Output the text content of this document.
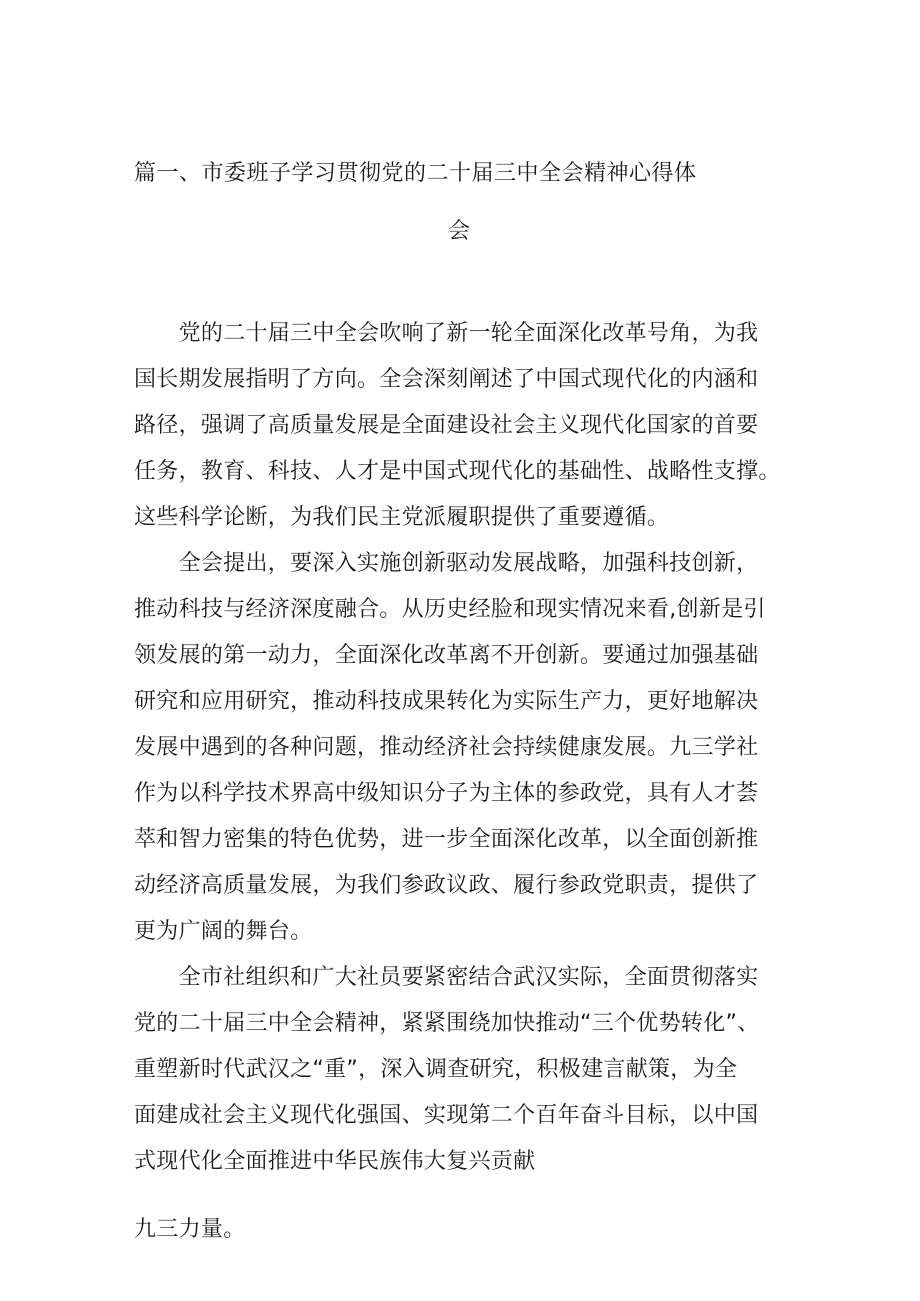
篇一、市委班子学习贯彻党的二十届三中全会精神心得体
会
　　党的二十届三中全会吹响了新一轮全面深化改革号角，为我
国长期发展指明了方向。全会深刻阐述了中国式现代化的内涵和
路径，强调了高质量发展是全面建设社会主义现代化国家的首要
任务，教育、科技、人才是中国式现代化的基础性、战略性支撑。
这些科学论断，为我们民主党派履职提供了重要遵循。
　　全会提出，要深入实施创新驱动发展战略，加强科技创新，
推动科技与经济深度融合。从历史经脸和现实情况来看,创新是引
领发展的第一动力，全面深化改革离不开创新。要通过加强基础
研究和应用研究，推动科技成果转化为实际生产力，更好地解决
发展中遇到的各种问题，推动经济社会持续健康发展。九三学社
作为以科学技术界高中级知识分子为主体的参政党，具有人才荟
萃和智力密集的特色优势，进一步全面深化改革，以全面创新推
动经济高质量发展，为我们参政议政、履行参政党职责，提供了
更为广阔的舞台。
　　全市社组织和广大社员要紧密结合武汉实际，全面贯彻落实
党的二十届三中全会精神，紧紧围绕加快推动“三个优势转化”、
重塑新时代武汉之“重”，深入调查研究，积极建言献策，为全
面建成社会主义现代化强国、实现第二个百年奋斗目标，以中国
式现代化全面推进中华民族伟大复兴贡献
九三力量。
